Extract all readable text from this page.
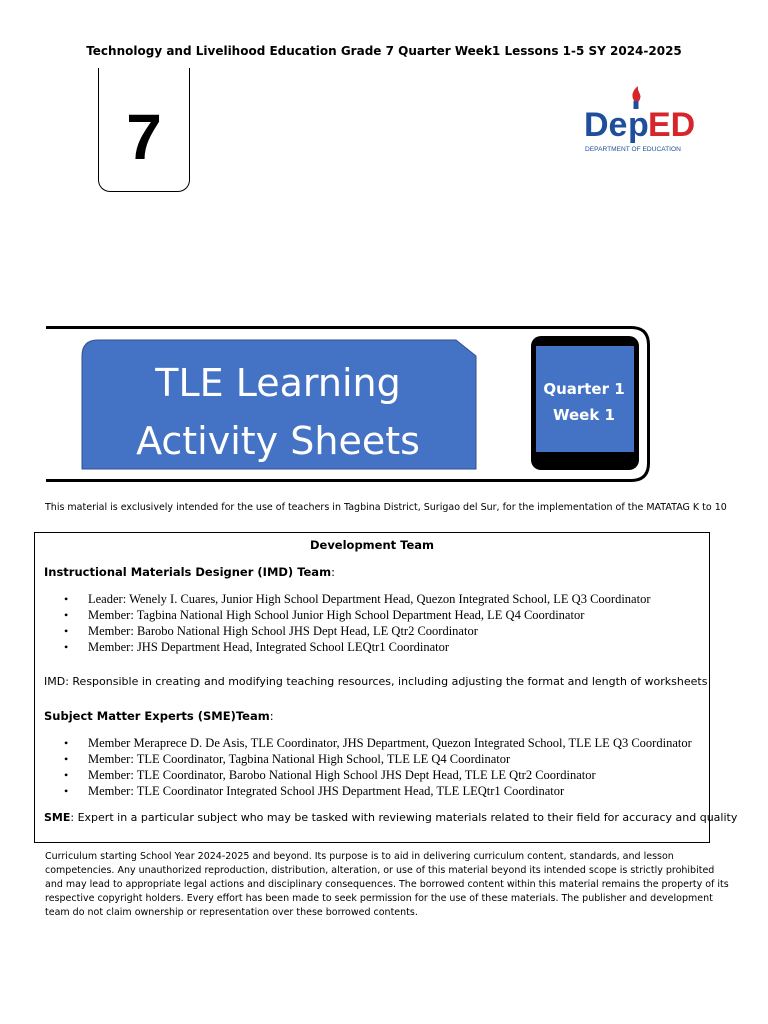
Technology and Livelihood Education Grade 7 Quarter Week1 Lessons 1-5 SY 2024-2025
7	De p ED
DEPARTMENT OF EDUCATION
TLE Learning
Activity Sheets
Quarter 1
Week 1
This material is exclusively intended for the use of teachers in Tagbina District, Surigao del Sur, for the implementation of the MATATAG K to 10
Development Team
Instructional Materials Designer (IMD) Team:
• Leader: Wenely I. Cuares, Junior High School Department Head, Quezon Integrated School, LE Q3 Coordinator
• Member: Tagbina National High School Junior High School Department Head, LE Q4 Coordinator
• Member: Barobo National High School JHS Dept Head, LE Qtr2 Coordinator
• Member: JHS Department Head, Integrated School LEQtr1 Coordinator
IMD: Responsible in creating and modifying teaching resources, including adjusting the format and length of worksheets
Subject Matter Experts (SME)Team:
• Member Meraprece D. De Asis, TLE Coordinator, JHS Department, Quezon Integrated School, TLE LE Q3 Coordinator
• Member: TLE Coordinator, Tagbina National High School, TLE LE Q4 Coordinator
• Member: TLE Coordinator, Barobo National High School JHS Dept Head, TLE LE Qtr2 Coordinator
• Member: TLE Coordinator Integrated School JHS Department Head, TLE LEQtr1 Coordinator
SME: Expert in a particular subject who may be tasked with reviewing materials related to their field for accuracy and quality
Curriculum starting School Year 2024-2025 and beyond. Its purpose is to aid in delivering curriculum content, standards, and lesson competencies. Any unauthorized reproduction, distribution, alteration, or use of this material beyond its intended scope is strictly prohibited and may lead to appropriate legal actions and disciplinary consequences. The borrowed content within this material remains the property of its respective copyright holders. Every effort has been made to seek permission for the use of these materials. The publisher and development team do not claim ownership or representation over these borrowed contents.
